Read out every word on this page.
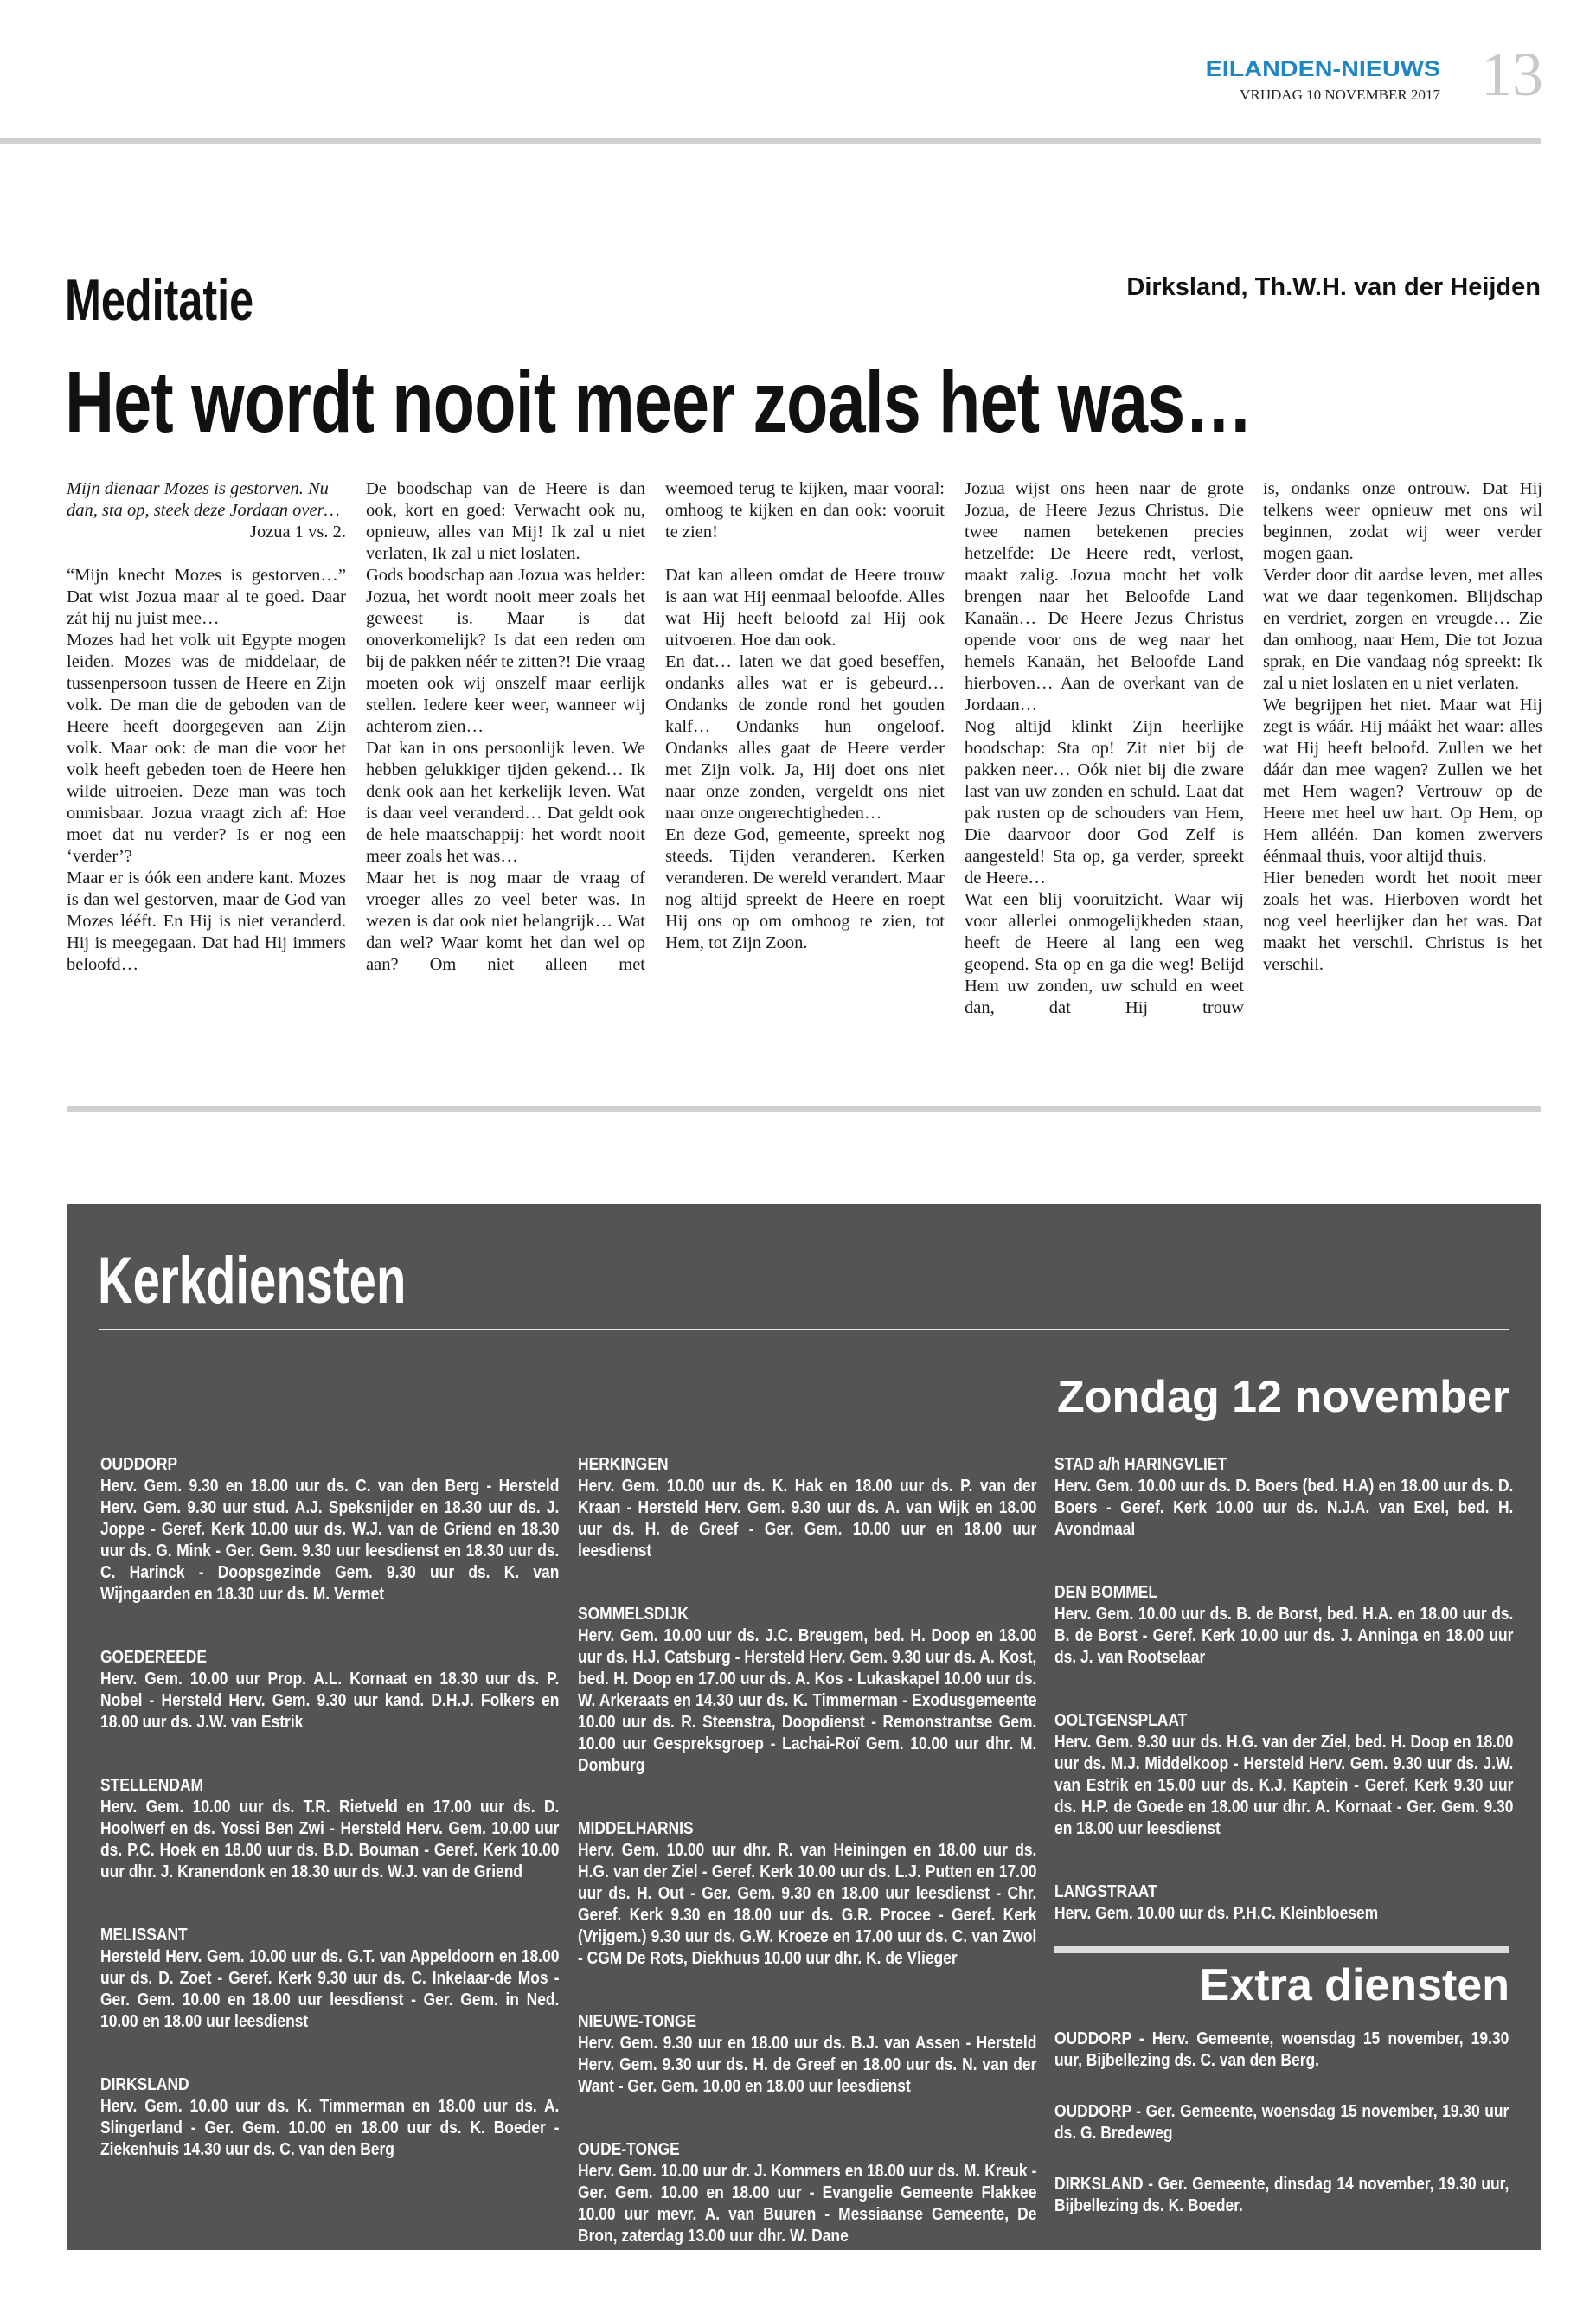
EILANDEN-NIEUWS
VRIJDAG 10 NOVEMBER 2017 13
Meditatie	Dirksland, Th.W.H. van der Heijden
Het wordt nooit meer zoals het was…

Mijn dienaar Mozes is gestorven. Nu dan, sta op, steek deze Jordaan over…

Jozua 1 vs. 2.

“Mijn knecht Mozes is gestorven…” Dat wist Jozua maar al te goed. Daar zát hij nu juist mee…

Mozes had het volk uit Egypte mogen leiden. Mozes was de middelaar, de tussenpersoon tussen de Heere en Zijn volk. De man die de geboden van de Heere heeft doorgegeven aan Zijn volk. Maar ook: de man die voor het volk heeft gebeden toen de Heere hen wilde uitroeien. Deze man was toch onmisbaar. Jozua vraagt zich af: Hoe moet dat nu verder? Is er nog een ‘verder’?

Maar er is óók een andere kant. Mozes is dan wel gestorven, maar de God van Mozes lééft. En Hij is niet veranderd. Hij is meegegaan. Dat had Hij immers beloofd…

De boodschap van de Heere is dan ook, kort en goed: Verwacht ook nu, opnieuw, alles van Mij! Ik zal u niet verlaten, Ik zal u niet loslaten.

Gods boodschap aan Jozua was helder: Jozua, het wordt nooit meer zoals het geweest is. Maar is dat onoverkomelijk? Is dat een reden om bij de pakken néér te zitten?! Die vraag moeten ook wij onszelf maar eerlijk stellen. Iedere keer weer, wanneer wij achterom zien…

Dat kan in ons persoonlijk leven. We hebben gelukkiger tijden gekend… Ik denk ook aan het kerkelijk leven. Wat is daar veel veranderd… Dat geldt ook de hele maatschappij: het wordt nooit meer zoals het was…

Maar het is nog maar de vraag of vroeger alles zo veel beter was. In wezen is dat ook niet belangrijk… Wat dan wel? Waar komt het dan wel op aan? Om niet alleen met

weemoed terug te kijken, maar vooral: omhoog te kijken en dan ook: vooruit te zien!

Dat kan alleen omdat de Heere trouw is aan wat Hij eenmaal beloofde. Alles wat Hij heeft beloofd zal Hij ook uitvoeren. Hoe dan ook.

En dat… laten we dat goed beseffen, ondanks alles wat er is gebeurd… Ondanks de zonde rond het gouden kalf… Ondanks hun ongeloof. Ondanks alles gaat de Heere verder met Zijn volk. Ja, Hij doet ons niet naar onze zonden, vergeldt ons niet naar onze ongerechtigheden…

En deze God, gemeente, spreekt nog steeds. Tijden veranderen. Kerken veranderen. De wereld verandert. Maar nog altijd spreekt de Heere en roept Hij ons op om omhoog te zien, tot Hem, tot Zijn Zoon.

Jozua wijst ons heen naar de grote Jozua, de Heere Jezus Christus. Die twee namen betekenen precies hetzelfde: De Heere redt, verlost, maakt zalig. Jozua mocht het volk brengen naar het Beloofde Land Kanaän… De Heere Jezus Christus opende voor ons de weg naar het hemels Kanaän, het Beloofde Land hierboven… Aan de overkant van de Jordaan…

Nog altijd klinkt Zijn heerlijke boodschap: Sta op! Zit niet bij de pakken neer… Oók niet bij die zware last van uw zonden en schuld. Laat dat pak rusten op de schouders van Hem, Die daarvoor door God Zelf is aangesteld! Sta op, ga verder, spreekt de Heere…

Wat een blij vooruitzicht. Waar wij voor allerlei onmogelijkheden staan, heeft de Heere al lang een weg geopend. Sta op en ga die weg! Belijd Hem uw zonden, uw schuld en weet dan, dat Hij trouw

is, ondanks onze ontrouw. Dat Hij telkens weer opnieuw met ons wil beginnen, zodat wij weer verder mogen gaan.

Verder door dit aardse leven, met alles wat we daar tegenkomen. Blijdschap en verdriet, zorgen en vreugde… Zie dan omhoog, naar Hem, Die tot Jozua sprak, en Die vandaag nóg spreekt: Ik zal u niet loslaten en u niet verlaten.

We begrijpen het niet. Maar wat Hij zegt is wáár. Hij máákt het waar: alles wat Hij heeft beloofd. Zullen we het dáár dan mee wagen? Zullen we het met Hem wagen? Vertrouw op de Heere met heel uw hart. Op Hem, op Hem alléén. Dan komen zwervers éénmaal thuis, voor altijd thuis.

Hier beneden wordt het nooit meer zoals het was. Hierboven wordt het nog veel heerlijker dan het was. Dat maakt het verschil. Christus is het verschil.

Kerkdiensten
Zondag 12 november
OUDDORP
Herv. Gem. 9.30 en 18.00 uur ds. C. van den Berg - Hersteld Herv. Gem. 9.30 uur stud. A.J. Speksnijder en 18.30 uur ds. J. Joppe - Geref. Kerk 10.00 uur ds. W.J. van de Griend en 18.30 uur ds. G. Mink - Ger. Gem. 9.30 uur leesdienst en 18.30 uur ds. C. Harinck - Doopsgezinde Gem. 9.30 uur ds. K. van Wijngaarden en 18.30 uur ds. M. Vermet
GOEDEREEDE
Herv. Gem. 10.00 uur Prop. A.L. Kornaat en 18.30 uur ds. P. Nobel - Hersteld Herv. Gem. 9.30 uur kand. D.H.J. Folkers en 18.00 uur ds. J.W. van Estrik
STELLENDAM
Herv. Gem. 10.00 uur ds. T.R. Rietveld en 17.00 uur ds. D. Hoolwerf en ds. Yossi Ben Zwi - Hersteld Herv. Gem. 10.00 uur ds. P.C. Hoek en 18.00 uur ds. B.D. Bouman - Geref. Kerk 10.00 uur dhr. J. Kranendonk en 18.30 uur ds. W.J. van de Griend
MELISSANT
Hersteld Herv. Gem. 10.00 uur ds. G.T. van Appeldoorn en 18.00 uur ds. D. Zoet - Geref. Kerk 9.30 uur ds. C. Inkelaar-de Mos - Ger. Gem. 10.00 en 18.00 uur leesdienst - Ger. Gem. in Ned. 10.00 en 18.00 uur leesdienst
DIRKSLAND
Herv. Gem. 10.00 uur ds. K. Timmerman en 18.00 uur ds. A. Slingerland - Ger. Gem. 10.00 en 18.00 uur ds. K. Boeder - Ziekenhuis 14.30 uur ds. C. van den Berg
HERKINGEN
Herv. Gem. 10.00 uur ds. K. Hak en 18.00 uur ds. P. van der Kraan - Hersteld Herv. Gem. 9.30 uur ds. A. van Wijk en 18.00 uur ds. H. de Greef - Ger. Gem. 10.00 uur en 18.00 uur leesdienst
SOMMELSDIJK
Herv. Gem. 10.00 uur ds. J.C. Breugem, bed. H. Doop en 18.00 uur ds. H.J. Catsburg - Hersteld Herv. Gem. 9.30 uur ds. A. Kost, bed. H. Doop en 17.00 uur ds. A. Kos - Lukaskapel 10.00 uur ds. W. Arkeraats en 14.30 uur ds. K. Timmerman - Exodusgemeente 10.00 uur ds. R. Steenstra, Doopdienst - Remonstrantse Gem. 10.00 uur Gespreksgroep - Lachai-Roï Gem. 10.00 uur dhr. M. Domburg
MIDDELHARNIS
Herv. Gem. 10.00 uur dhr. R. van Heiningen en 18.00 uur ds. H.G. van der Ziel - Geref. Kerk 10.00 uur ds. L.J. Putten en 17.00 uur ds. H. Out - Ger. Gem. 9.30 en 18.00 uur leesdienst - Chr. Geref. Kerk 9.30 en 18.00 uur ds. G.R. Procee - Geref. Kerk (Vrijgem.) 9.30 uur ds. G.W. Kroeze en 17.00 uur ds. C. van Zwol - CGM De Rots, Diekhuus 10.00 uur dhr. K. de Vlieger
NIEUWE-TONGE
Herv. Gem. 9.30 uur en 18.00 uur ds. B.J. van Assen - Hersteld Herv. Gem. 9.30 uur ds. H. de Greef en 18.00 uur ds. N. van der Want - Ger. Gem. 10.00 en 18.00 uur leesdienst
OUDE-TONGE
Herv. Gem. 10.00 uur dr. J. Kommers en 18.00 uur ds. M. Kreuk - Ger. Gem. 10.00 en 18.00 uur - Evangelie Gemeente Flakkee 10.00 uur mevr. A. van Buuren - Messiaanse Gemeente, De Bron, zaterdag 13.00 uur dhr. W. Dane
STAD a/h HARINGVLIET
Herv. Gem. 10.00 uur ds. D. Boers (bed. H.A) en 18.00 uur ds. D. Boers - Geref. Kerk 10.00 uur ds. N.J.A. van Exel, bed. H. Avondmaal
DEN BOMMEL
Herv. Gem. 10.00 uur ds. B. de Borst, bed. H.A. en 18.00 uur ds. B. de Borst - Geref. Kerk 10.00 uur ds. J. Anninga en 18.00 uur ds. J. van Rootselaar
OOLTGENSPLAAT
Herv. Gem. 9.30 uur ds. H.G. van der Ziel, bed. H. Doop en 18.00 uur ds. M.J. Middelkoop - Hersteld Herv. Gem. 9.30 uur ds. J.W. van Estrik en 15.00 uur ds. K.J. Kaptein - Geref. Kerk 9.30 uur ds. H.P. de Goede en 18.00 uur dhr. A. Kornaat - Ger. Gem. 9.30 en 18.00 uur leesdienst
LANGSTRAAT
Herv. Gem. 10.00 uur ds. P.H.C. Kleinbloesem
Extra diensten
OUDDORP - Herv. Gemeente, woensdag 15 november, 19.30 uur, Bijbellezing ds. C. van den Berg.
OUDDORP - Ger. Gemeente, woensdag 15 november, 19.30 uur ds. G. Bredeweg
DIRKSLAND - Ger. Gemeente, dinsdag 14 november, 19.30 uur, Bijbellezing ds. K. Boeder.
